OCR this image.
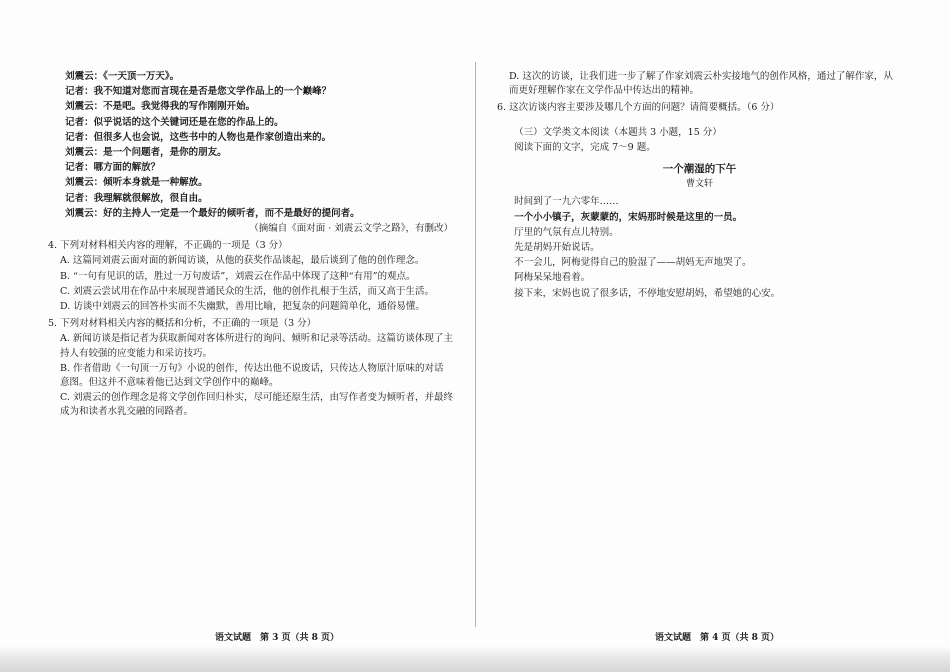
刘震云：《一天顶一万天》。

记者：我不知道对您而言现在是否是您文学作品上的一个巅峰？

刘震云：不是吧。我觉得我的写作刚刚开始。

记者：似乎说话的这个关键词还是在您的作品上的。

记者：但很多人也会说，这些书中的人物也是作家创造出来的。

刘震云：是一个问题者，是你的朋友。

记者：哪方面的解放？

刘震云：倾听本身就是一种解放。

记者：我理解就很解放，很自由。

刘震云：好的主持人一定是一个最好的倾听者，而不是最好的提问者。

（摘编自《面对面 · 刘震云文学之路》，有删改）

4. 下列对材料相关内容的理解，不正确的一项是（3 分）

A. 这篇同刘震云面对面的新闻访谈，从他的获奖作品谈起，最后谈到了他的创作理念。

B. “一句有见识的话，胜过一万句废话”，刘震云在作品中体现了这种“有用”的观点。

C. 刘震云尝试用在作品中来展现普通民众的生活，他的创作扎根于生活，而又高于生活。

D. 访谈中刘震云的回答朴实而不失幽默，善用比喻，把复杂的问题简单化，通俗易懂。

5. 下列对材料相关内容的概括和分析，不正确的一项是（3 分）

A. 新闻访谈是指记者为获取新闻对客体所进行的询问、倾听和记录等活动。这篇访谈体现了主持人有较强的应变能力和采访技巧。

B. 作者借助《一句顶一万句》小说的创作，传达出他不说废话，只传达人物原汁原味的对话意图。但这并不意味着他已达到文学创作中的巅峰。

C. 刘震云的创作理念是将文学创作回归朴实，尽可能还原生活，由写作者变为倾听者，并最终成为和读者水乳交融的同路者。

D. 这次的访谈，让我们进一步了解了作家刘震云朴实接地气的创作风格，通过了解作家，从而更好理解作家在文学作品中传达出的精神。

6. 这次访谈内容主要涉及哪几个方面的问题？请简要概括。（6 分）

（三）文学类文本阅读（本题共 3 小题，15 分）

阅读下面的文字，完成 7～9 题。

一个潮湿的下午
曹文轩

时间到了一九六零年……

一个小小镇子，灰蒙蒙的，宋妈那时候是这里的一员。

厅里的气氛有点儿特别。

先是胡妈开始说话。

不一会儿，阿梅觉得自己的脸湿了——胡妈无声地哭了。

阿梅呆呆地看着。

接下来，宋妈也说了很多话，不停地安慰胡妈，希望她的心安。

语文试题　第 3 页（共 8 页）	语文试题　第 4 页（共 8 页）
